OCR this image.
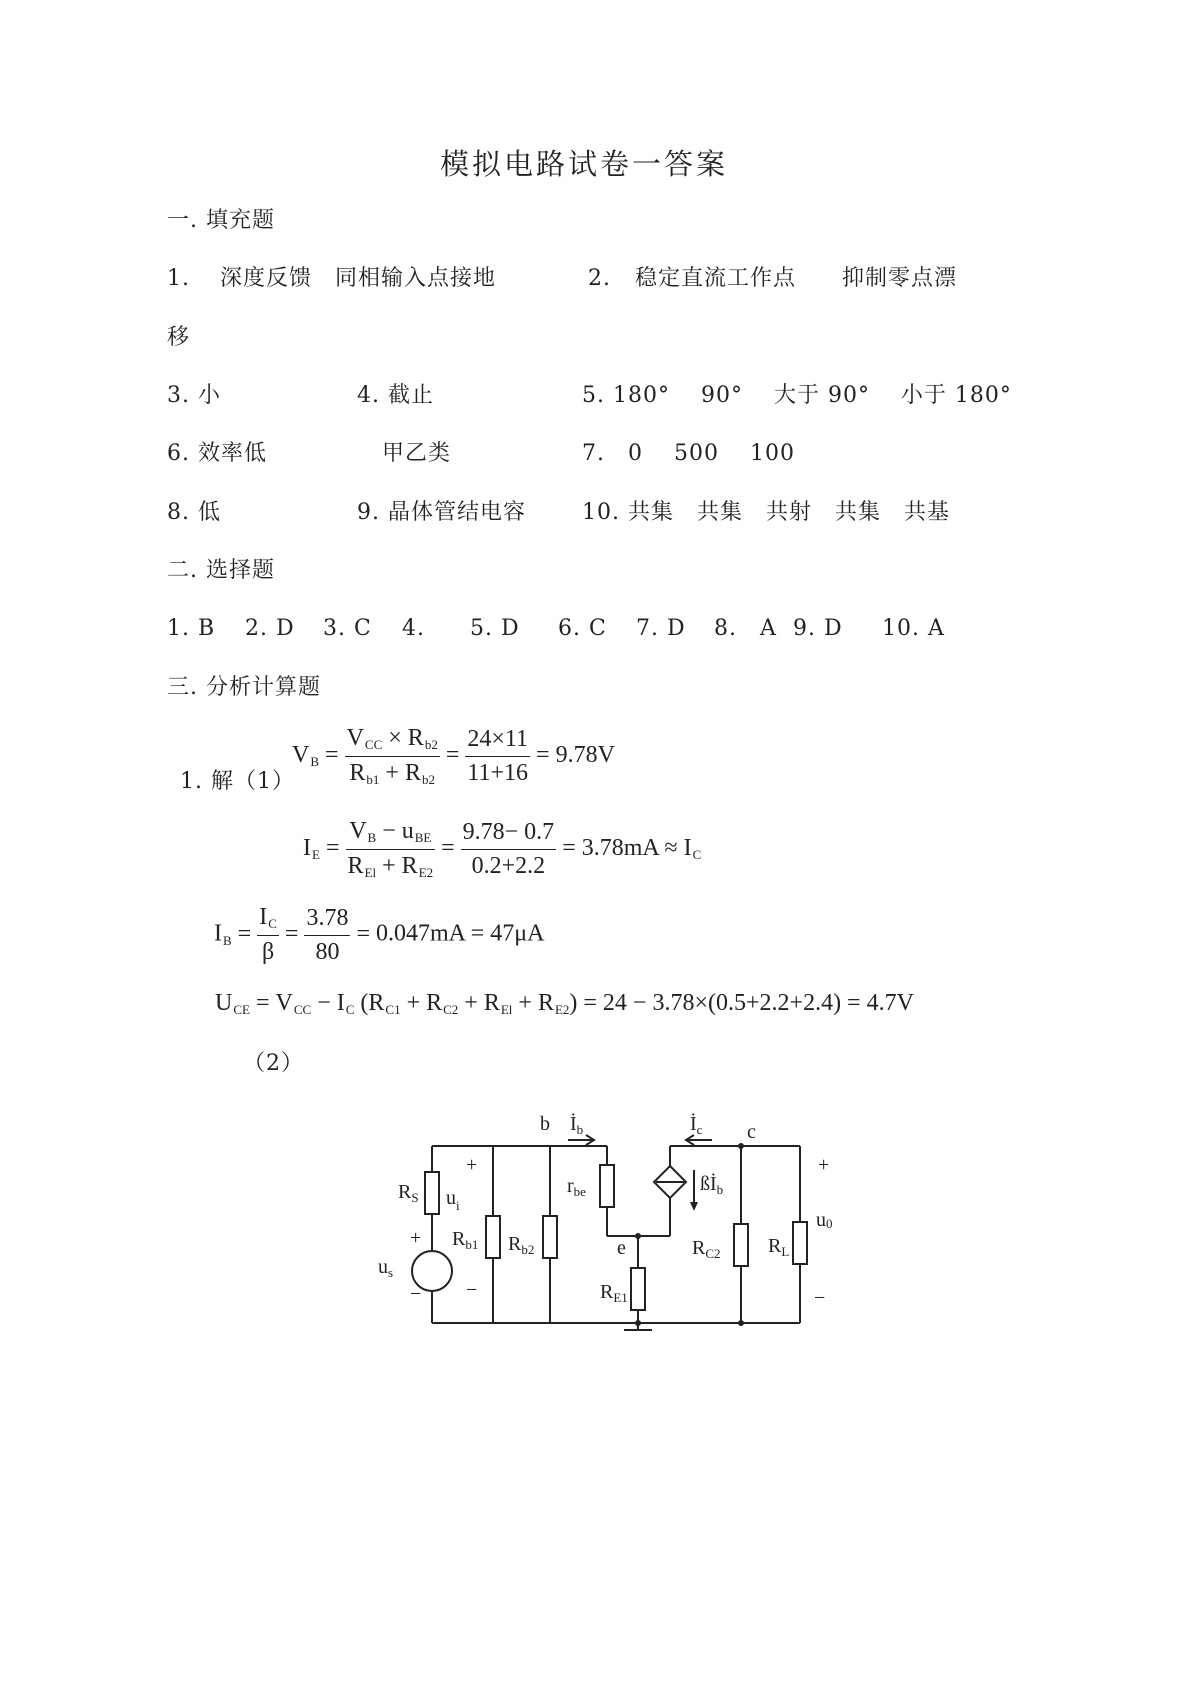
模拟电路试卷一答案
一. 填充题
1. 深度反馈　同相输入点接地	2. 稳定直流工作点　　抑制零点漂
移
3. 小	4. 截止	5. 180°　 90°　 大于 90°　 小于 180°
6. 效率低	甲乙类	7.　0　 500　 100
8. 低	9. 晶体管结电容	10. 共集　共集　共射　共集　共基
二. 选择题
1. B 2. D 3. C 4. 5. D 6. C 7. D 8. A 9. D 10. A
三. 分析计算题
1. 解（1）
$V_B = \frac{V_{CC} \times R_{b2}}{R_{b1} + R_{b2}} = \frac{24\times 11}{11+16} = 9.78V$
$I_E = \frac{V_B - u_{BE}}{R_{El} + R_{E2}} = \frac{9.78- 0.7}{0.2+2.2} = 3.78mA \approx I_C$
$I_B = \frac{I_C}{\beta} = \frac{3.78}{80} = 0.047mA = 47\mu A$
$U_{CE} = V_{CC} - I_C$ $(R_{C1} + R_{C2} + R_{El} + R_{E2}) = 24 - 3.78\times(0.5+2.2+2.4) = 4.7V$
（2）
b	c
e
$İ_b$	$İ_c$
$ßİ_b$
$R_S$ $u_i$
+
−
+
−
$u_s$
$R_{b1}$ $R_{b2}$
$r_{be}$
$R_{E1}$
$R_{C2}$ $R_L$
u0
+
−
